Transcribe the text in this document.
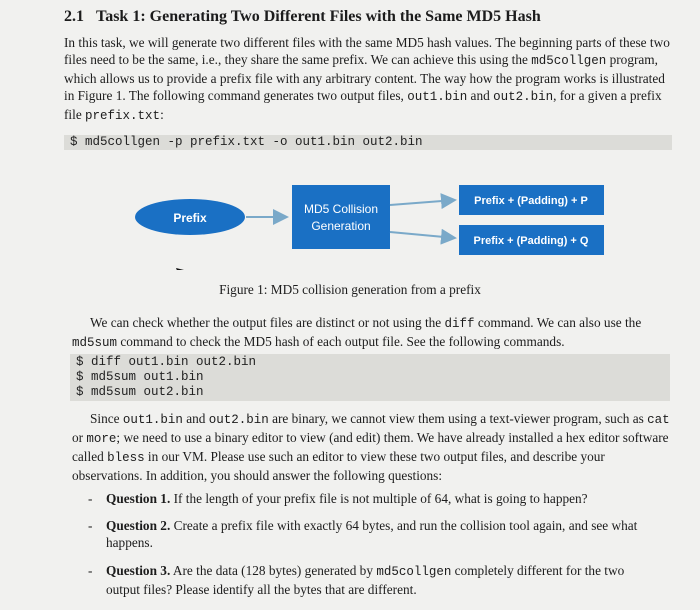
2.1 Task 1: Generating Two Different Files with the Same MD5 Hash
In this task, we will generate two different files with the same MD5 hash values. The beginning parts of these two files need to be the same, i.e., they share the same prefix. We can achieve this using the md5collgen program, which allows us to provide a prefix file with any arbitrary content. The way how the program works is illustrated in Figure 1. The following command generates two output files, out1.bin and out2.bin, for a given a prefix file prefix.txt:
$ md5collgen -p prefix.txt -o out1.bin out2.bin
Prefix
MD5 Collision
Generation
Prefix + (Padding) + P
Prefix + (Padding) + Q
Figure 1: MD5 collision generation from a prefix
We can check whether the output files are distinct or not using the diff command. We can also use the md5sum command to check the MD5 hash of each output file. See the following commands.
$ diff out1.bin out2.bin
$ md5sum out1.bin
$ md5sum out2.bin
Since out1.bin and out2.bin are binary, we cannot view them using a text-viewer program, such as cat or more; we need to use a binary editor to view (and edit) them. We have already installed a hex editor software called bless in our VM. Please use such an editor to view these two output files, and describe your observations. In addition, you should answer the following questions:
- Question 1. If the length of your prefix file is not multiple of 64, what is going to happen?
- Question 2. Create a prefix file with exactly 64 bytes, and run the collision tool again, and see what happens.
- Question 3. Are the data (128 bytes) generated by md5collgen completely different for the two output files? Please identify all the bytes that are different.
